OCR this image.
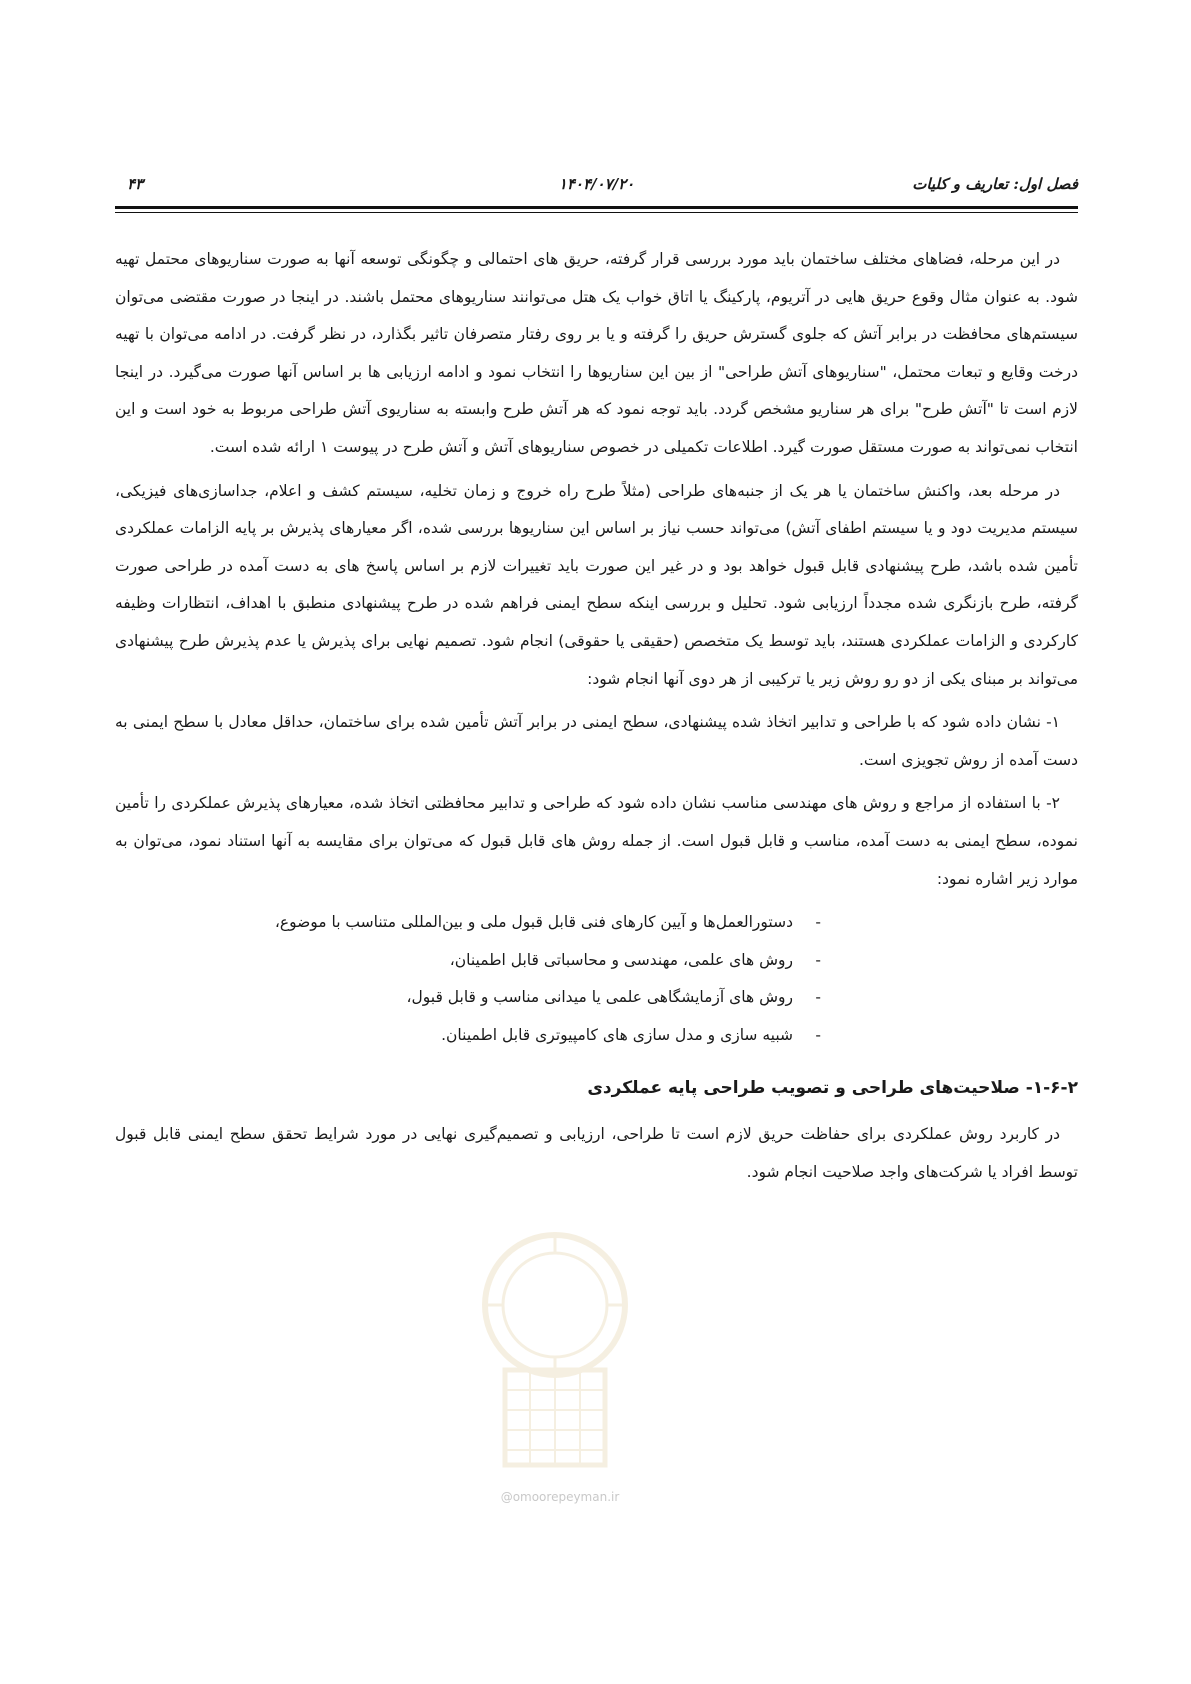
فصل اول: تعاریف و کلیات
۱۴۰۴/۰۷/۲۰
۴۳
@omoorepeyman.ir

در این مرحله، فضاهای مختلف ساختمان باید مورد بررسی قرار گرفته، حریق های احتمالی و چگونگی توسعه آنها به صورت سناریوهای محتمل تهیه شود. به عنوان مثال وقوع حریق هایی در آتریوم، پارکینگ یا اتاق خواب یک هتل می‌توانند سناریوهای محتمل باشند. در اینجا در صورت مقتضی می‌توان سیستم‌های محافظت در برابر آتش که جلوی گسترش حریق را گرفته و یا بر روی رفتار متصرفان تاثیر بگذارد، در نظر گرفت. در ادامه می‌توان با تهیه درخت وقایع و تبعات محتمل، "سناریوهای آتش طراحی" از بین این سناریوها را انتخاب نمود و ادامه ارزیابی ها بر اساس آنها صورت می‌گیرد. در اینجا لازم است تا "آتش طرح" برای هر سناریو مشخص گردد. باید توجه نمود که هر آتش طرح وابسته به سناریوی آتش طراحی مربوط به خود است و این انتخاب نمی‌تواند به صورت مستقل صورت گیرد. اطلاعات تکمیلی در خصوص سناریوهای آتش و آتش طرح در پیوست ۱ ارائه شده است.

در مرحله بعد، واکنش ساختمان یا هر یک از جنبه‌های طراحی (مثلاً طرح راه خروج و زمان تخلیه، سیستم کشف و اعلام، جداسازی‌های فیزیکی، سیستم مدیریت دود و یا سیستم اطفای آتش) می‌تواند حسب نیاز بر اساس این سناریوها بررسی شده، اگر معیارهای پذیرش بر پایه الزامات عملکردی تأمین شده باشد، طرح پیشنهادی قابل قبول خواهد بود و در غیر این صورت باید تغییرات لازم بر اساس پاسخ های به دست آمده در طراحی صورت گرفته، طرح بازنگری شده مجدداً ارزیابی شود. تحلیل و بررسی اینکه سطح ایمنی فراهم شده در طرح پیشنهادی منطبق با اهداف، انتظارات وظیفه کارکردی و الزامات عملکردی هستند، باید توسط یک متخصص (حقیقی یا حقوقی) انجام شود. تصمیم نهایی برای پذیرش یا عدم پذیرش طرح پیشنهادی می‌تواند بر مبنای یکی از دو رو روش زیر یا ترکیبی از هر دوی آنها انجام شود:

۱- نشان داده شود که با طراحی و تدابیر اتخاذ شده پیشنهادی، سطح ایمنی در برابر آتش تأمین شده برای ساختمان، حداقل معادل با سطح ایمنی به دست آمده از روش تجویزی است.

۲- با استفاده از مراجع و روش های مهندسی مناسب نشان داده شود که طراحی و تدابیر محافظتی اتخاذ شده، معیارهای پذیرش عملکردی را تأمین نموده، سطح ایمنی به دست آمده، مناسب و قابل قبول است. از جمله روش های قابل قبول که می‌توان برای مقایسه به آنها استناد نمود، می‌توان به موارد زیر اشاره نمود:

-
دستورالعمل‌ها و آیین کارهای فنی قابل قبول ملی و بین‌المللی متناسب با موضوع،
-
روش های علمی، مهندسی و محاسباتی قابل اطمینان،
-
روش های آزمایشگاهی علمی یا میدانی مناسب و قابل قبول،
-
شبیه سازی و مدل سازی های کامپیوتری قابل اطمینان.
۱-۶-۲- صلاحیت‌های طراحی و تصویب طراحی پایه عملکردی

در کاربرد روش عملکردی برای حفاظت حریق لازم است تا طراحی، ارزیابی و تصمیم‌گیری نهایی در مورد شرایط تحقق سطح ایمنی قابل قبول توسط افراد یا شرکت‌های واجد صلاحیت انجام شود.
